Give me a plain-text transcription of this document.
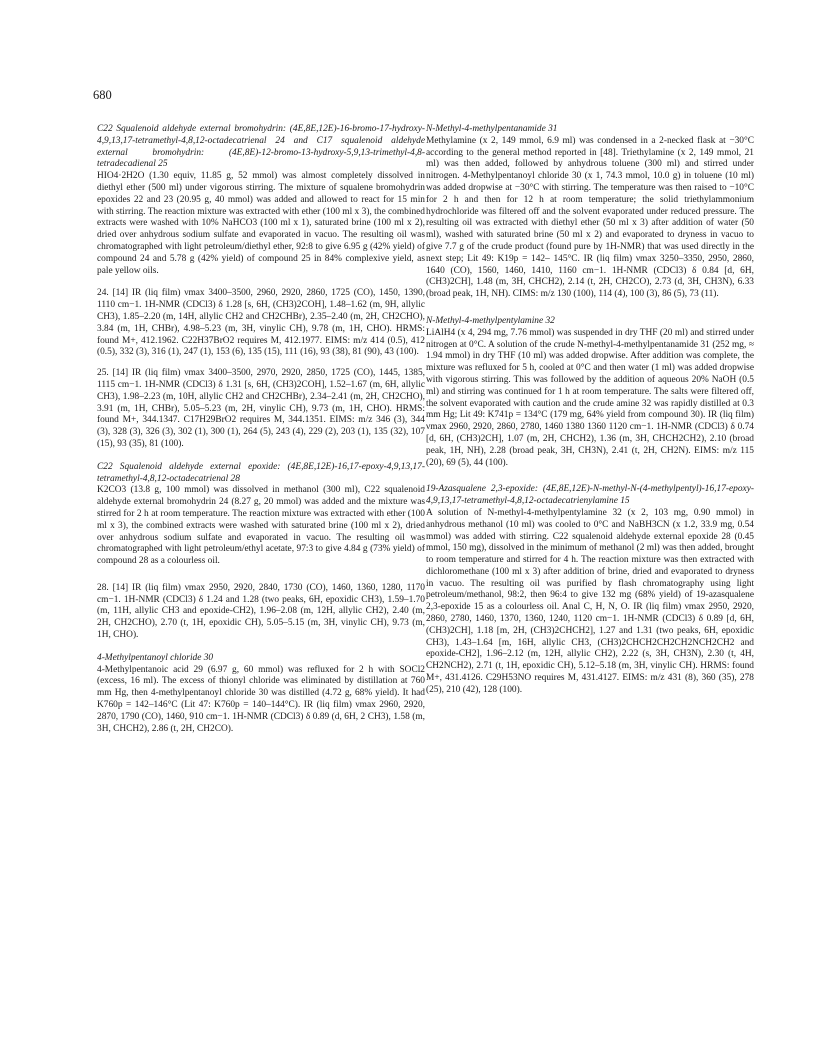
680

C22 Squalenoid aldehyde external bromohydrin: (4E,8E,12E)-16-bromo-17-hydroxy-4,9,13,17-tetramethyl-4,8,12-octadecatrienal 24 and C17 squalenoid aldehyde external bromohydrin: (4E,8E)-12-bromo-13-hydroxy-5,9,13-trimethyl-4,8-tetradecadienal 25

HIO4·2H2O (1.30 equiv, 11.85 g, 52 mmol) was almost completely dissolved in diethyl ether (500 ml) under vigorous stirring. The mixture of squalene bromohydrin epoxides 22 and 23 (20.95 g, 40 mmol) was added and allowed to react for 15 min with stirring. The reaction mixture was extracted with ether (100 ml x 3), the combined extracts were washed with 10% NaHCO3 (100 ml x 1), saturated brine (100 ml x 2), dried over anhydrous sodium sulfate and evaporated in vacuo. The resulting oil was chromatographed with light petroleum/diethyl ether, 92:8 to give 6.95 g (42% yield) of compound 24 and 5.78 g (42% yield) of compound 25 in 84% complexive yield, as pale yellow oils.

24. [14] IR (liq film) νmax 3400–3500, 2960, 2920, 2860, 1725 (CO), 1450, 1390, 1110 cm−1. 1H-NMR (CDCl3) δ 1.28 [s, 6H, (CH3)2COH], 1.48–1.62 (m, 9H, allylic CH3), 1.85–2.20 (m, 14H, allylic CH2 and CH2CHBr), 2.35–2.40 (m, 2H, CH2CHO), 3.84 (m, 1H, CHBr), 4.98–5.23 (m, 3H, vinylic CH), 9.78 (m, 1H, CHO). HRMS: found M+, 412.1962. C22H37BrO2 requires M, 412.1977. EIMS: m/z 414 (0.5), 412 (0.5), 332 (3), 316 (1), 247 (1), 153 (6), 135 (15), 111 (16), 93 (38), 81 (90), 43 (100).

25. [14] IR (liq film) νmax 3400–3500, 2970, 2920, 2850, 1725 (CO), 1445, 1385, 1115 cm−1. 1H-NMR (CDCl3) δ 1.31 [s, 6H, (CH3)2COH], 1.52–1.67 (m, 6H, allylic CH3), 1.98–2.23 (m, 10H, allylic CH2 and CH2CHBr), 2.34–2.41 (m, 2H, CH2CHO), 3.91 (m, 1H, CHBr), 5.05–5.23 (m, 2H, vinylic CH), 9.73 (m, 1H, CHO). HRMS: found M+, 344.1347. C17H29BrO2 requires M, 344.1351. EIMS: m/z 346 (3), 344 (3), 328 (3), 326 (3), 302 (1), 300 (1), 264 (5), 243 (4), 229 (2), 203 (1), 135 (32), 107 (15), 93 (35), 81 (100).

C22 Squalenoid aldehyde external epoxide: (4E,8E,12E)-16,17-epoxy-4,9,13,17-tetramethyl-4,8,12-octadecatrienal 28

K2CO3 (13.8 g, 100 mmol) was dissolved in methanol (300 ml), C22 squalenoid aldehyde external bromohydrin 24 (8.27 g, 20 mmol) was added and the mixture was stirred for 2 h at room temperature. The reaction mixture was extracted with ether (100 ml x 3), the combined extracts were washed with saturated brine (100 ml x 2), dried over anhydrous sodium sulfate and evaporated in vacuo. The resulting oil was chromatographed with light petroleum/ethyl acetate, 97:3 to give 4.84 g (73% yield) of compound 28 as a colourless oil.

28. [14] IR (liq film) νmax 2950, 2920, 2840, 1730 (CO), 1460, 1360, 1280, 1170 cm−1. 1H-NMR (CDCl3) δ 1.24 and 1.28 (two peaks, 6H, epoxidic CH3), 1.59–1.70 (m, 11H, allylic CH3 and epoxide-CH2), 1.96–2.08 (m, 12H, allylic CH2), 2.40 (m, 2H, CH2CHO), 2.70 (t, 1H, epoxidic CH), 5.05–5.15 (m, 3H, vinylic CH), 9.73 (m, 1H, CHO).

4-Methylpentanoyl chloride 30

4-Methylpentanoic acid 29 (6.97 g, 60 mmol) was refluxed for 2 h with SOCl2 (excess, 16 ml). The excess of thionyl chloride was eliminated by distillation at 760 mm Hg, then 4-methylpentanoyl chloride 30 was distilled (4.72 g, 68% yield). It had K760p = 142–146°C (Lit 47: K760p = 140–144°C). IR (liq film) νmax 2960, 2920, 2870, 1790 (CO), 1460, 910 cm−1. 1H-NMR (CDCl3) δ 0.89 (d, 6H, 2 CH3), 1.58 (m, 3H, CHCH2), 2.86 (t, 2H, CH2CO).

N-Methyl-4-methylpentanamide 31

Methylamine (x 2, 149 mmol, 6.9 ml) was condensed in a 2-necked flask at −30°C according to the general method reported in [48]. Triethylamine (x 2, 149 mmol, 21 ml) was then added, followed by anhydrous toluene (300 ml) and stirred under nitrogen. 4-Methylpentanoyl chloride 30 (x 1, 74.3 mmol, 10.0 g) in toluene (10 ml) was added dropwise at −30°C with stirring. The temperature was then raised to −10°C for 2 h and then for 12 h at room temperature; the solid triethylammonium hydrochloride was filtered off and the solvent evaporated under reduced pressure. The resulting oil was extracted with diethyl ether (50 ml x 3) after addition of water (50 ml), washed with saturated brine (50 ml x 2) and evaporated to dryness in vacuo to give 7.7 g of the crude product (found pure by 1H-NMR) that was used directly in the next step; Lit 49: K19p = 142– 145°C. IR (liq film) νmax 3250–3350, 2950, 2860, 1640 (CO), 1560, 1460, 1410, 1160 cm−1. 1H-NMR (CDCl3) δ 0.84 [d, 6H, (CH3)2CH], 1.48 (m, 3H, CHCH2), 2.14 (t, 2H, CH2CO), 2.73 (d, 3H, CH3N), 6.33 (broad peak, 1H, NH). CIMS: m/z 130 (100), 114 (4), 100 (3), 86 (5), 73 (11).

N-Methyl-4-methylpentylamine 32

LiAlH4 (x 4, 294 mg, 7.76 mmol) was suspended in dry THF (20 ml) and stirred under nitrogen at 0°C. A solution of the crude N-methyl-4-methylpentanamide 31 (252 mg, ≈ 1.94 mmol) in dry THF (10 ml) was added dropwise. After addition was complete, the mixture was refluxed for 5 h, cooled at 0°C and then water (1 ml) was added dropwise with vigorous stirring. This was followed by the addition of aqueous 20% NaOH (0.5 ml) and stirring was continued for 1 h at room temperature. The salts were filtered off, the solvent evaporated with caution and the crude amine 32 was rapidly distilled at 0.3 mm Hg; Lit 49: K741p = 134°C (179 mg, 64% yield from compound 30). IR (liq film) νmax 2960, 2920, 2860, 2780, 1460 1380 1360 1120 cm−1. 1H-NMR (CDCl3) δ 0.74 [d, 6H, (CH3)2CH], 1.07 (m, 2H, CHCH2), 1.36 (m, 3H, CHCH2CH2), 2.10 (broad peak, 1H, NH), 2.28 (broad peak, 3H, CH3N), 2.41 (t, 2H, CH2N). EIMS: m/z 115 (20), 69 (5), 44 (100).

19-Azasqualene 2,3-epoxide: (4E,8E,12E)-N-methyl-N-(4-methylpentyl)-16,17-epoxy-4,9,13,17-tetramethyl-4,8,12-octadecatrienylamine 15

A solution of N-methyl-4-methylpentylamine 32 (x 2, 103 mg, 0.90 mmol) in anhydrous methanol (10 ml) was cooled to 0°C and NaBH3CN (x 1.2, 33.9 mg, 0.54 mmol) was added with stirring. C22 squalenoid aldehyde external epoxide 28 (0.45 mmol, 150 mg), dissolved in the minimum of methanol (2 ml) was then added, brought to room temperature and stirred for 4 h. The reaction mixture was then extracted with dichloromethane (100 ml x 3) after addition of brine, dried and evaporated to dryness in vacuo. The resulting oil was purified by flash chromatography using light petroleum/methanol, 98:2, then 96:4 to give 132 mg (68% yield) of 19-azasqualene 2,3-epoxide 15 as a colourless oil. Anal C, H, N, O. IR (liq film) νmax 2950, 2920, 2860, 2780, 1460, 1370, 1360, 1240, 1120 cm−1. 1H-NMR (CDCl3) δ 0.89 [d, 6H, (CH3)2CH], 1.18 [m, 2H, (CH3)2CHCH2], 1.27 and 1.31 (two peaks, 6H, epoxidic CH3), 1.43–1.64 [m, 16H, allylic CH3, (CH3)2CHCH2CH2CH2NCH2CH2 and epoxide-CH2], 1.96–2.12 (m, 12H, allylic CH2), 2.22 (s, 3H, CH3N), 2.30 (t, 4H, CH2NCH2), 2.71 (t, 1H, epoxidic CH), 5.12–5.18 (m, 3H, vinylic CH). HRMS: found M+, 431.4126. C29H53NO requires M, 431.4127. EIMS: m/z 431 (8), 360 (35), 278 (25), 210 (42), 128 (100).
